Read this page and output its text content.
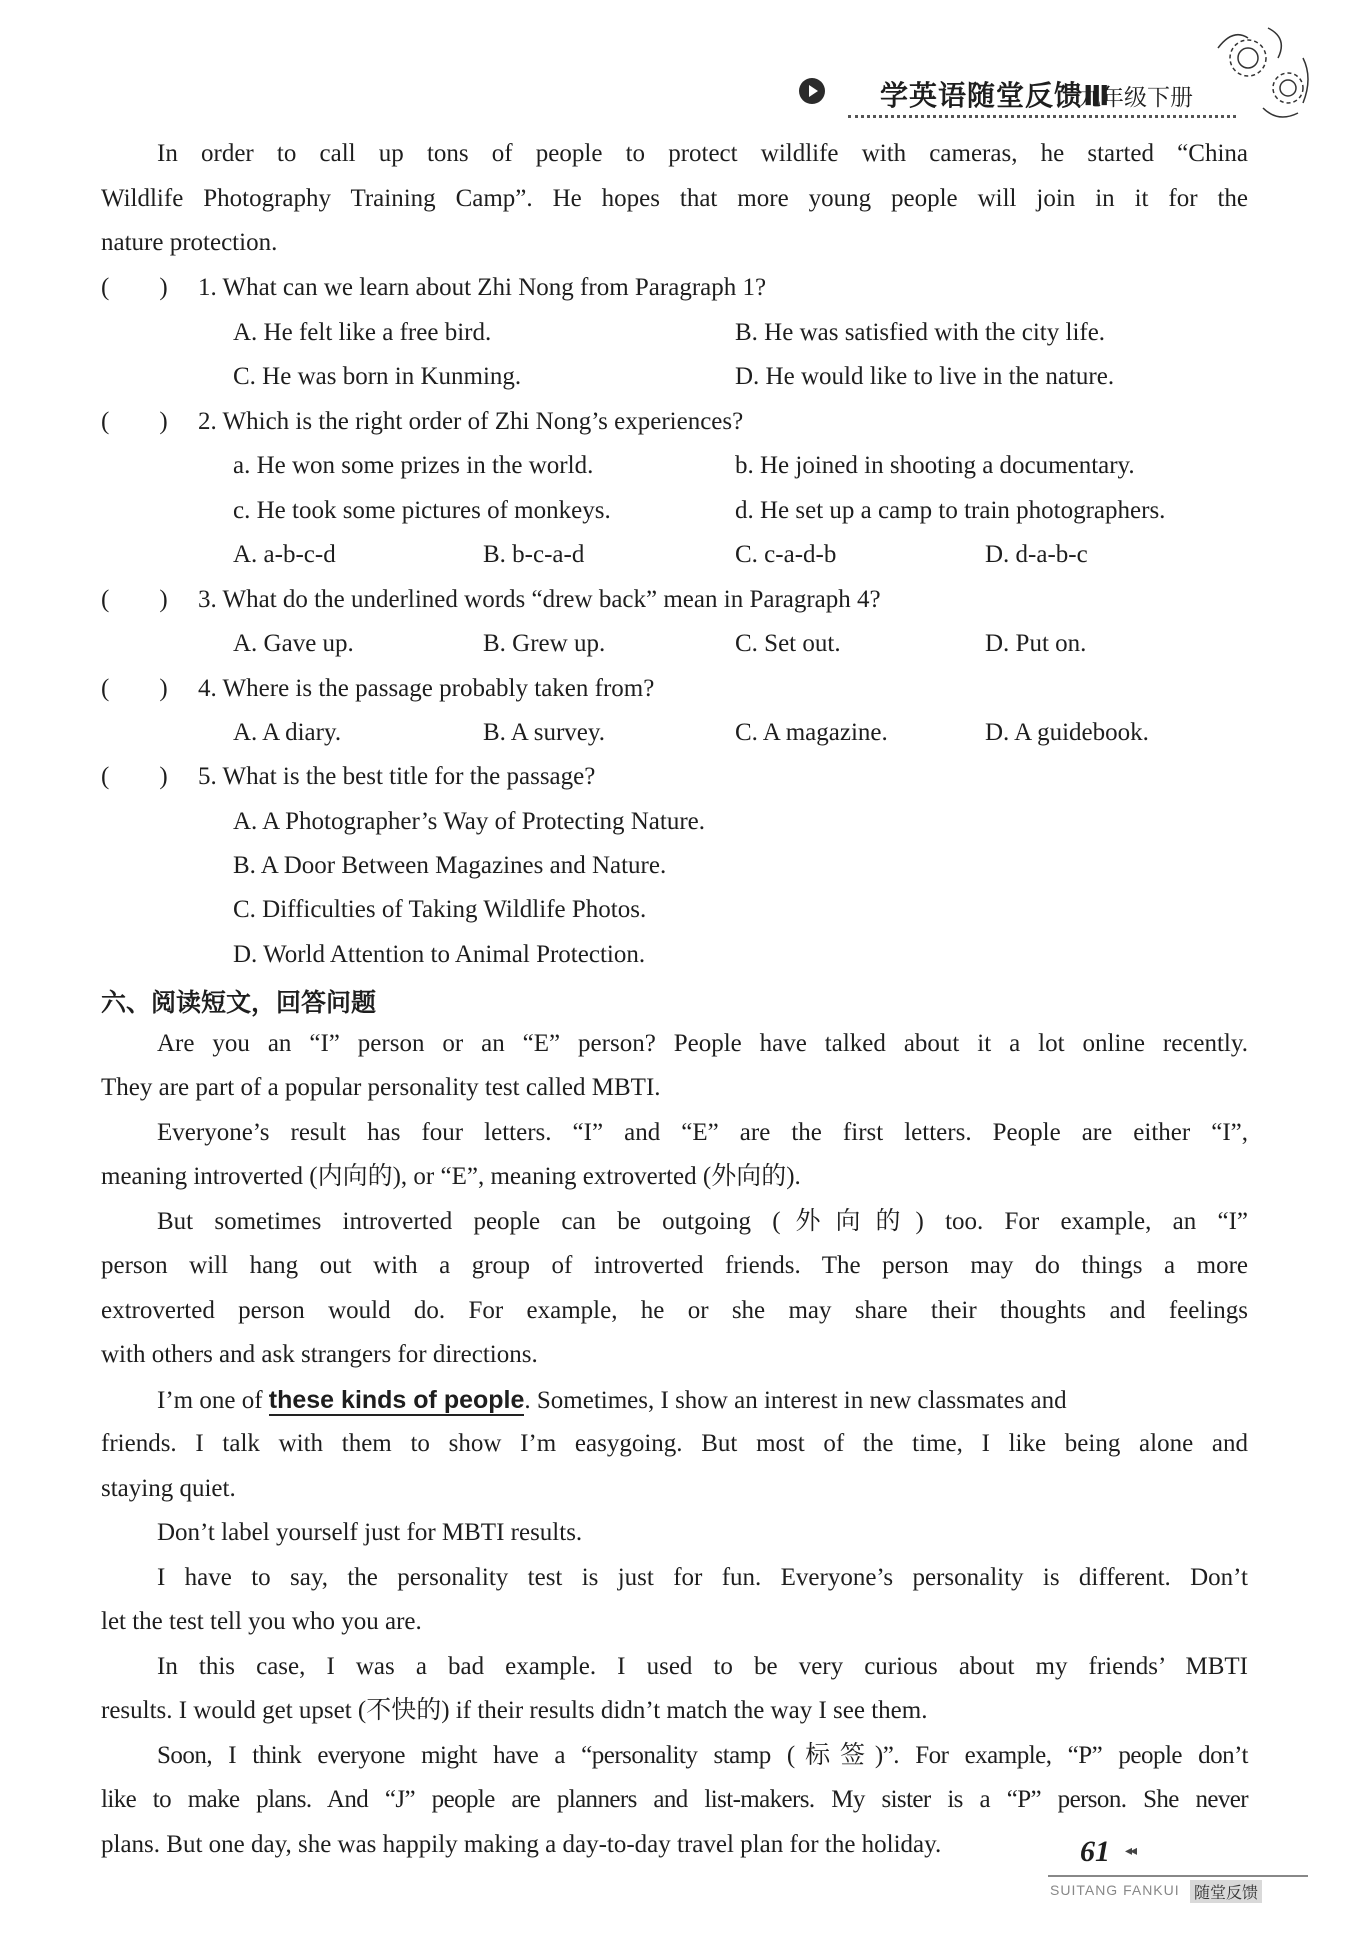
学英语随堂反馈Ⅲ
九年级下册
In order to call up tons of people to protect wildlife with cameras, he started “China
Wildlife Photography Training Camp”. He hopes that more young people will join in it for the
nature protection.
(　　) 1. What can we learn about Zhi Nong from Paragraph 1?
A. He felt like a free bird.	B. He was satisfied with the city life.
C. He was born in Kunming.	D. He would like to live in the nature.
(　　) 2. Which is the right order of Zhi Nong’s experiences?
a. He won some prizes in the world.	b. He joined in shooting a documentary.
c. He took some pictures of monkeys.	d. He set up a camp to train photographers.
A. a-b-c-d	B. b-c-a-d	C. c-a-d-b	D. d-a-b-c
(　　) 3. What do the underlined words “drew back” mean in Paragraph 4?
A. Gave up.	B. Grew up.	C. Set out.	D. Put on.
(　　) 4. Where is the passage probably taken from?
A. A diary.	B. A survey.	C. A magazine.	D. A guidebook.
(　　) 5. What is the best title for the passage?
A. A Photographer’s Way of Protecting Nature.
B. A Door Between Magazines and Nature.
C. Difficulties of Taking Wildlife Photos.
D. World Attention to Animal Protection.
六、阅读短文，回答问题
Are you an “I” person or an “E” person? People have talked about it a lot online recently.
They are part of a popular personality test called MBTI.
Everyone’s result has four letters. “I” and “E” are the first letters. People are either “I”,
meaning introverted (内向的), or “E”, meaning extroverted (外向的).
But sometimes introverted people can be outgoing (外向的) too. For example, an “I”
person will hang out with a group of introverted friends. The person may do things a more
extroverted person would do. For example, he or she may share their thoughts and feelings
with others and ask strangers for directions.
I’m one of these kinds of people. Sometimes, I show an interest in new classmates and
friends. I talk with them to show I’m easygoing. But most of the time, I like being alone and
staying quiet.
Don’t label yourself just for MBTI results.
I have to say, the personality test is just for fun. Everyone’s personality is different. Don’t
let the test tell you who you are.
In this case, I was a bad example. I used to be very curious about my friends’ MBTI
results. I would get upset (不快的) if their results didn’t match the way I see them.
Soon, I think everyone might have a “personality stamp (标签)”. For example, “P” people don’t
like to make plans. And “J” people are planners and list-makers. My sister is a “P” person. She never
plans. But one day, she was happily making a day-to-day travel plan for the holiday.	61 ◂◂
SUITANG FANKUI 随堂反馈
